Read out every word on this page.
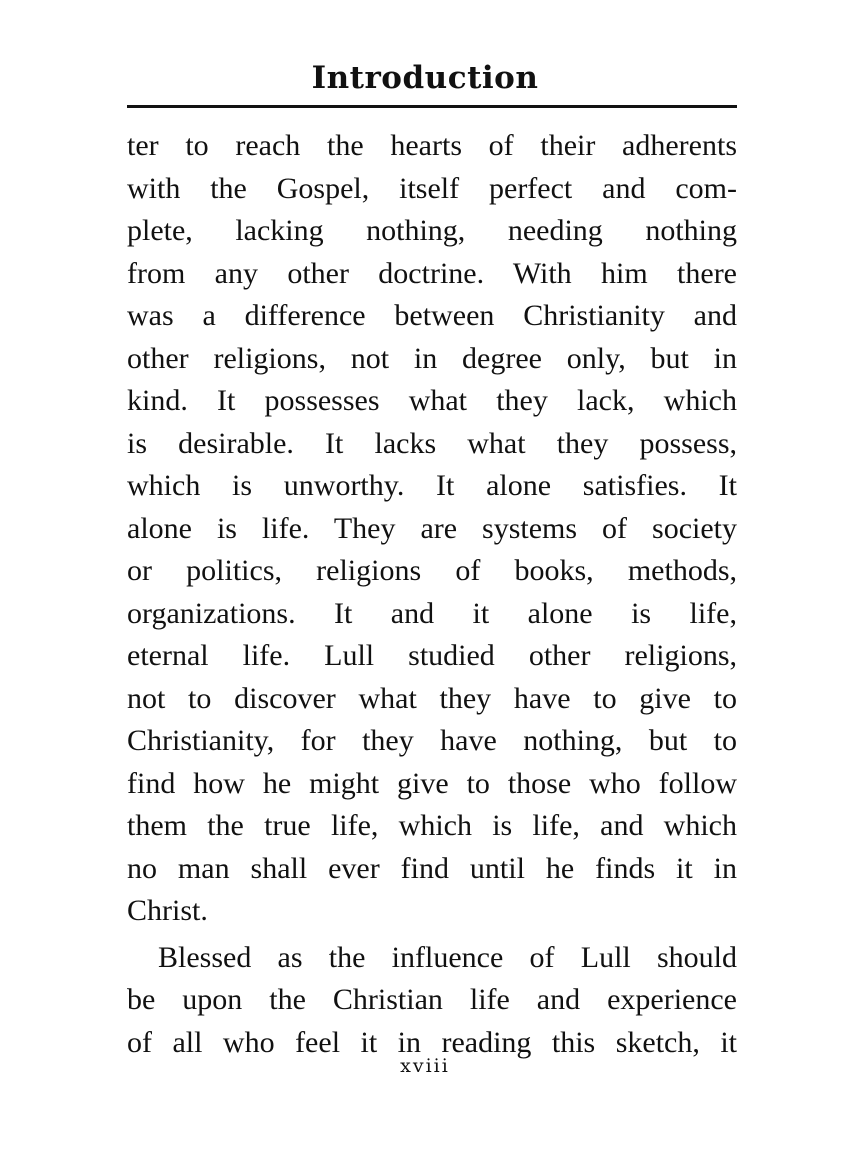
Introduction
ter to reach the hearts of their adherents
with the Gospel, itself perfect and com-
plete, lacking nothing, needing nothing
from any other doctrine. With him there
was a difference between Christianity and
other religions, not in degree only, but in
kind. It possesses what they lack, which
is desirable. It lacks what they possess,
which is unworthy. It alone satisfies. It
alone is life. They are systems of society
or politics, religions of books, methods,
organizations. It and it alone is life,
eternal life. Lull studied other religions,
not to discover what they have to give to
Christianity, for they have nothing, but to
find how he might give to those who follow
them the true life, which is life, and which
no man shall ever find until he finds it in
Christ.
Blessed as the influence of Lull should
be upon the Christian life and experience
of all who feel it in reading this sketch, it
xviii
